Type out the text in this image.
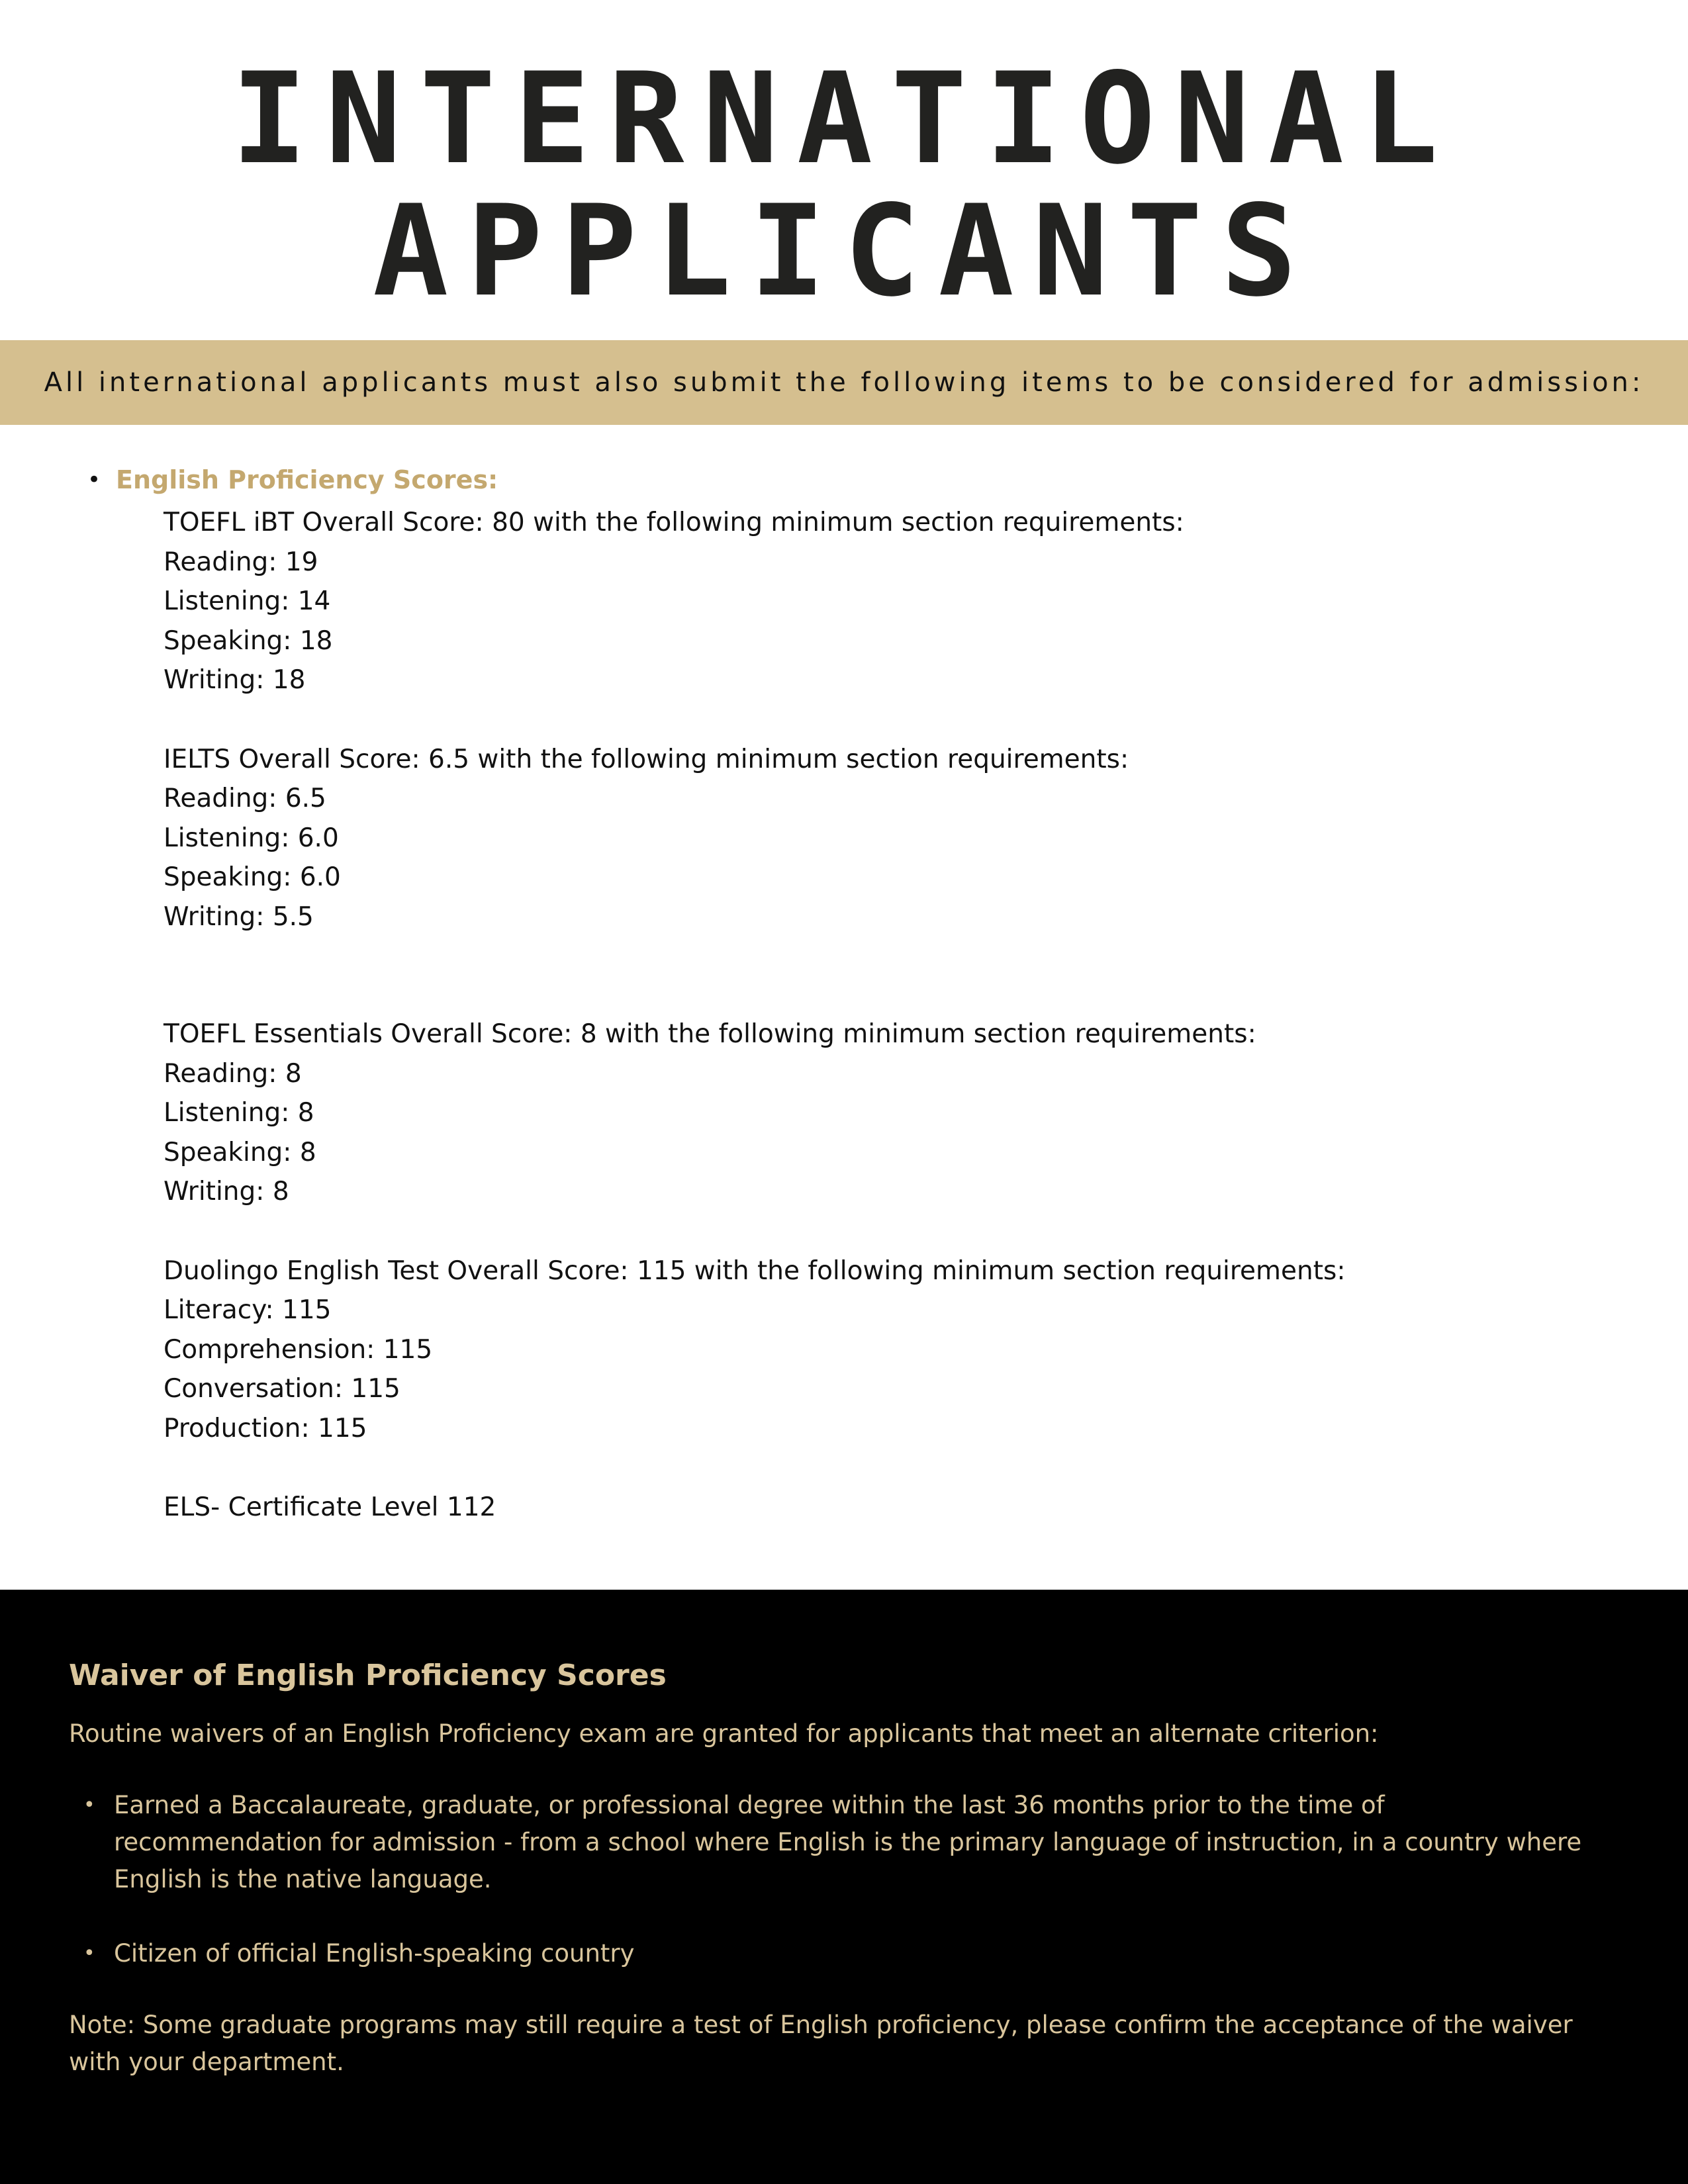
INTERNATIONAL
APPLICANTS
All international applicants must also submit the following items to be considered for admission:
• English Proficiency Scores:
TOEFL iBT Overall Score: 80 with the following minimum section requirements:
Reading: 19
Listening: 14
Speaking: 18
Writing: 18
IELTS Overall Score: 6.5 with the following minimum section requirements:
Reading: 6.5
Listening: 6.0
Speaking: 6.0
Writing: 5.5
TOEFL Essentials Overall Score: 8 with the following minimum section requirements:
Reading: 8
Listening: 8
Speaking: 8
Writing: 8
Duolingo English Test Overall Score: 115 with the following minimum section requirements:
Literacy: 115
Comprehension: 115
Conversation: 115
Production: 115
ELS- Certificate Level 112
Waiver of English Proficiency Scores

Routine waivers of an English Proficiency exam are granted for applicants that meet an alternate criterion:

• Earned a Baccalaureate, graduate, or professional degree within the last 36 months prior to the time of recommendation for admission - from a school where English is the primary language of instruction, in a country where English is the native language.
• Citizen of official English-speaking country

Note: Some graduate programs may still require a test of English proficiency, please confirm the acceptance of the waiver with your department.
